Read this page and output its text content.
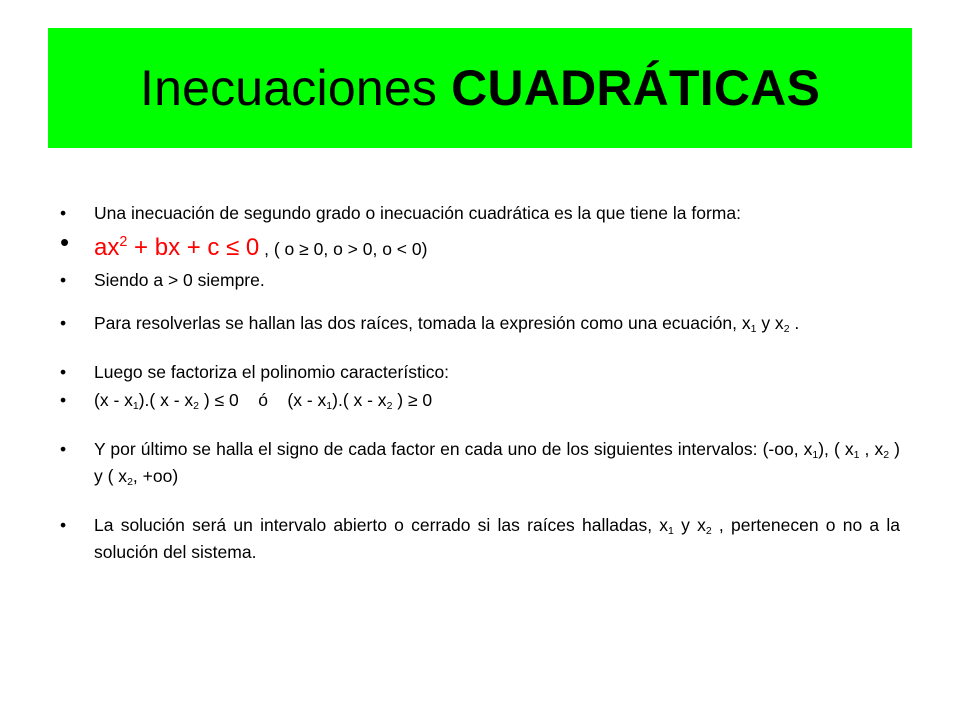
Inecuaciones CUADRÁTICAS
• Una inecuación de segundo grado o inecuación cuadrática es la que tiene la forma:
• $ax^2$ + bx + c ≤ 0 , ( o ≥ 0, o > 0, o < 0)
• Siendo a > 0 siempre.
• Para resolverlas se hallan las dos raíces, tomada la expresión como una ecuación, $x_1$ y $x_2$ .
• Luego se factoriza el polinomio característico:
• $(x - x_1)$.( x - $x_2$ ) ≤ 0    ó    $(x - x_1)$.( x - $x_2$ ) ≥ 0
• Y por último se halla el signo de cada factor en cada uno de los siguientes intervalos: (-oo, $x_1$), ( $x_1$ , $x_2$ ) y ( $x_2$, +oo)
• La solución será un intervalo abierto o cerrado si las raíces halladas, $x_1$ y $x_2$ , pertenecen o no a la solución del sistema.
